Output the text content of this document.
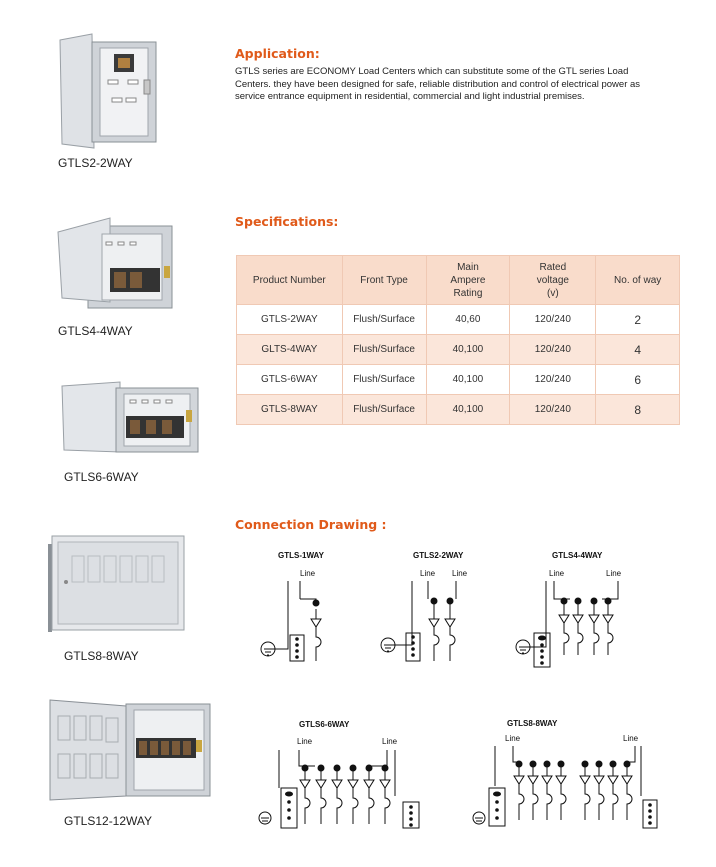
GTLS2-2WAY
GTLS4-4WAY
GTLS6-6WAY
GTLS8-8WAY
GTLS12-12WAY
Application:
GTLS series are ECONOMY Load Centers which can substitute some of the GTL series Load Centers. they have been designed for safe, reliable distribution and control of electrical power as service entrance equipment in residential, commercial and light industrial premises.
Specifications:
Product Number	Front Type	Main Ampere Rating	Rated voltage (v)	No. of way
GTLS-2WAY	Flush/Surface	40,60	120/240	2
GLTS-4WAY	Flush/Surface	40,100	120/240	4
GTLS-6WAY	Flush/Surface	40,100	120/240	6
GTLS-8WAY	Flush/Surface	40,100	120/240	8
Connection Drawing :
GTLS-1WAY
Line
GTLS2-2WAY
Line Line
GTLS4-4WAY
Line	Line
GTLS6-6WAY
Line	Line
GTLS8-8WAY
Line	Line
